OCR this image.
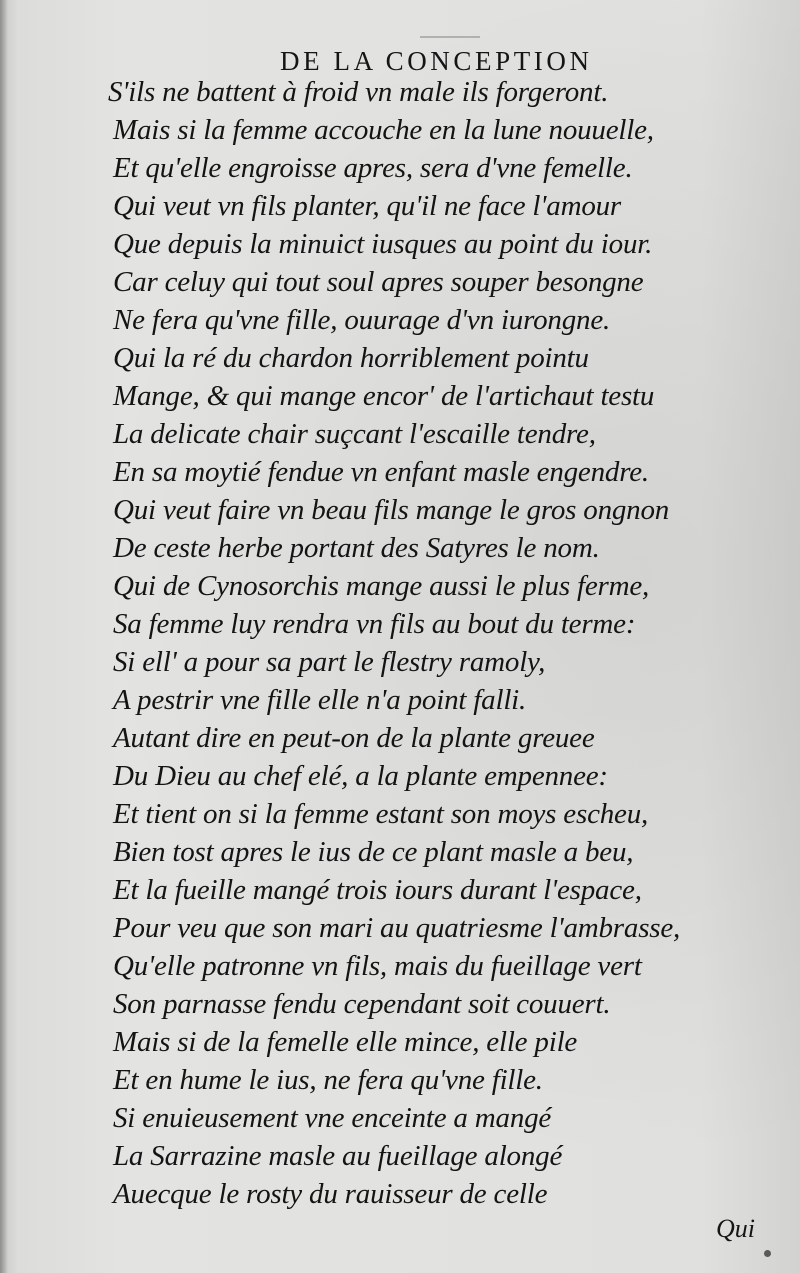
DE LA CONCEPTION
S'ils ne battent à froid vn male ils forgeront.
Mais si la femme accouche en la lune nouuelle,
Et qu'elle engroisse apres, sera d'vne femelle.
Qui veut vn fils planter, qu'il ne face l'amour
Que depuis la minuict iusques au point du iour.
Car celuy qui tout soul apres souper besongne
Ne fera qu'vne fille, ouurage d'vn iurongne.
Qui la ré du chardon horriblement pointu
Mange, & qui mange encor' de l'artichaut testu
La delicate chair suçcant l'escaille tendre,
En sa moytié fendue vn enfant masle engendre.
Qui veut faire vn beau fils mange le gros ongnon
De ceste herbe portant des Satyres le nom.
Qui de Cynosorchis mange aussi le plus ferme,
Sa femme luy rendra vn fils au bout du terme:
Si ell' a pour sa part le flestry ramoly,
A pestrir vne fille elle n'a point falli.
Autant dire en peut-on de la plante greuee
Du Dieu au chef elé, a la plante empennee:
Et tient on si la femme estant son moys escheu,
Bien tost apres le ius de ce plant masle a beu,
Et la fueille mangé trois iours durant l'espace,
Pour veu que son mari au quatriesme l'ambrasse,
Qu'elle patronne vn fils, mais du fueillage vert
Son parnasse fendu cependant soit couuert.
Mais si de la femelle elle mince, elle pile
Et en hume le ius, ne fera qu'vne fille.
Si enuieusement vne enceinte a mangé
La Sarrazine masle au fueillage alongé
Auecque le rosty du rauisseur de celle
Qui
